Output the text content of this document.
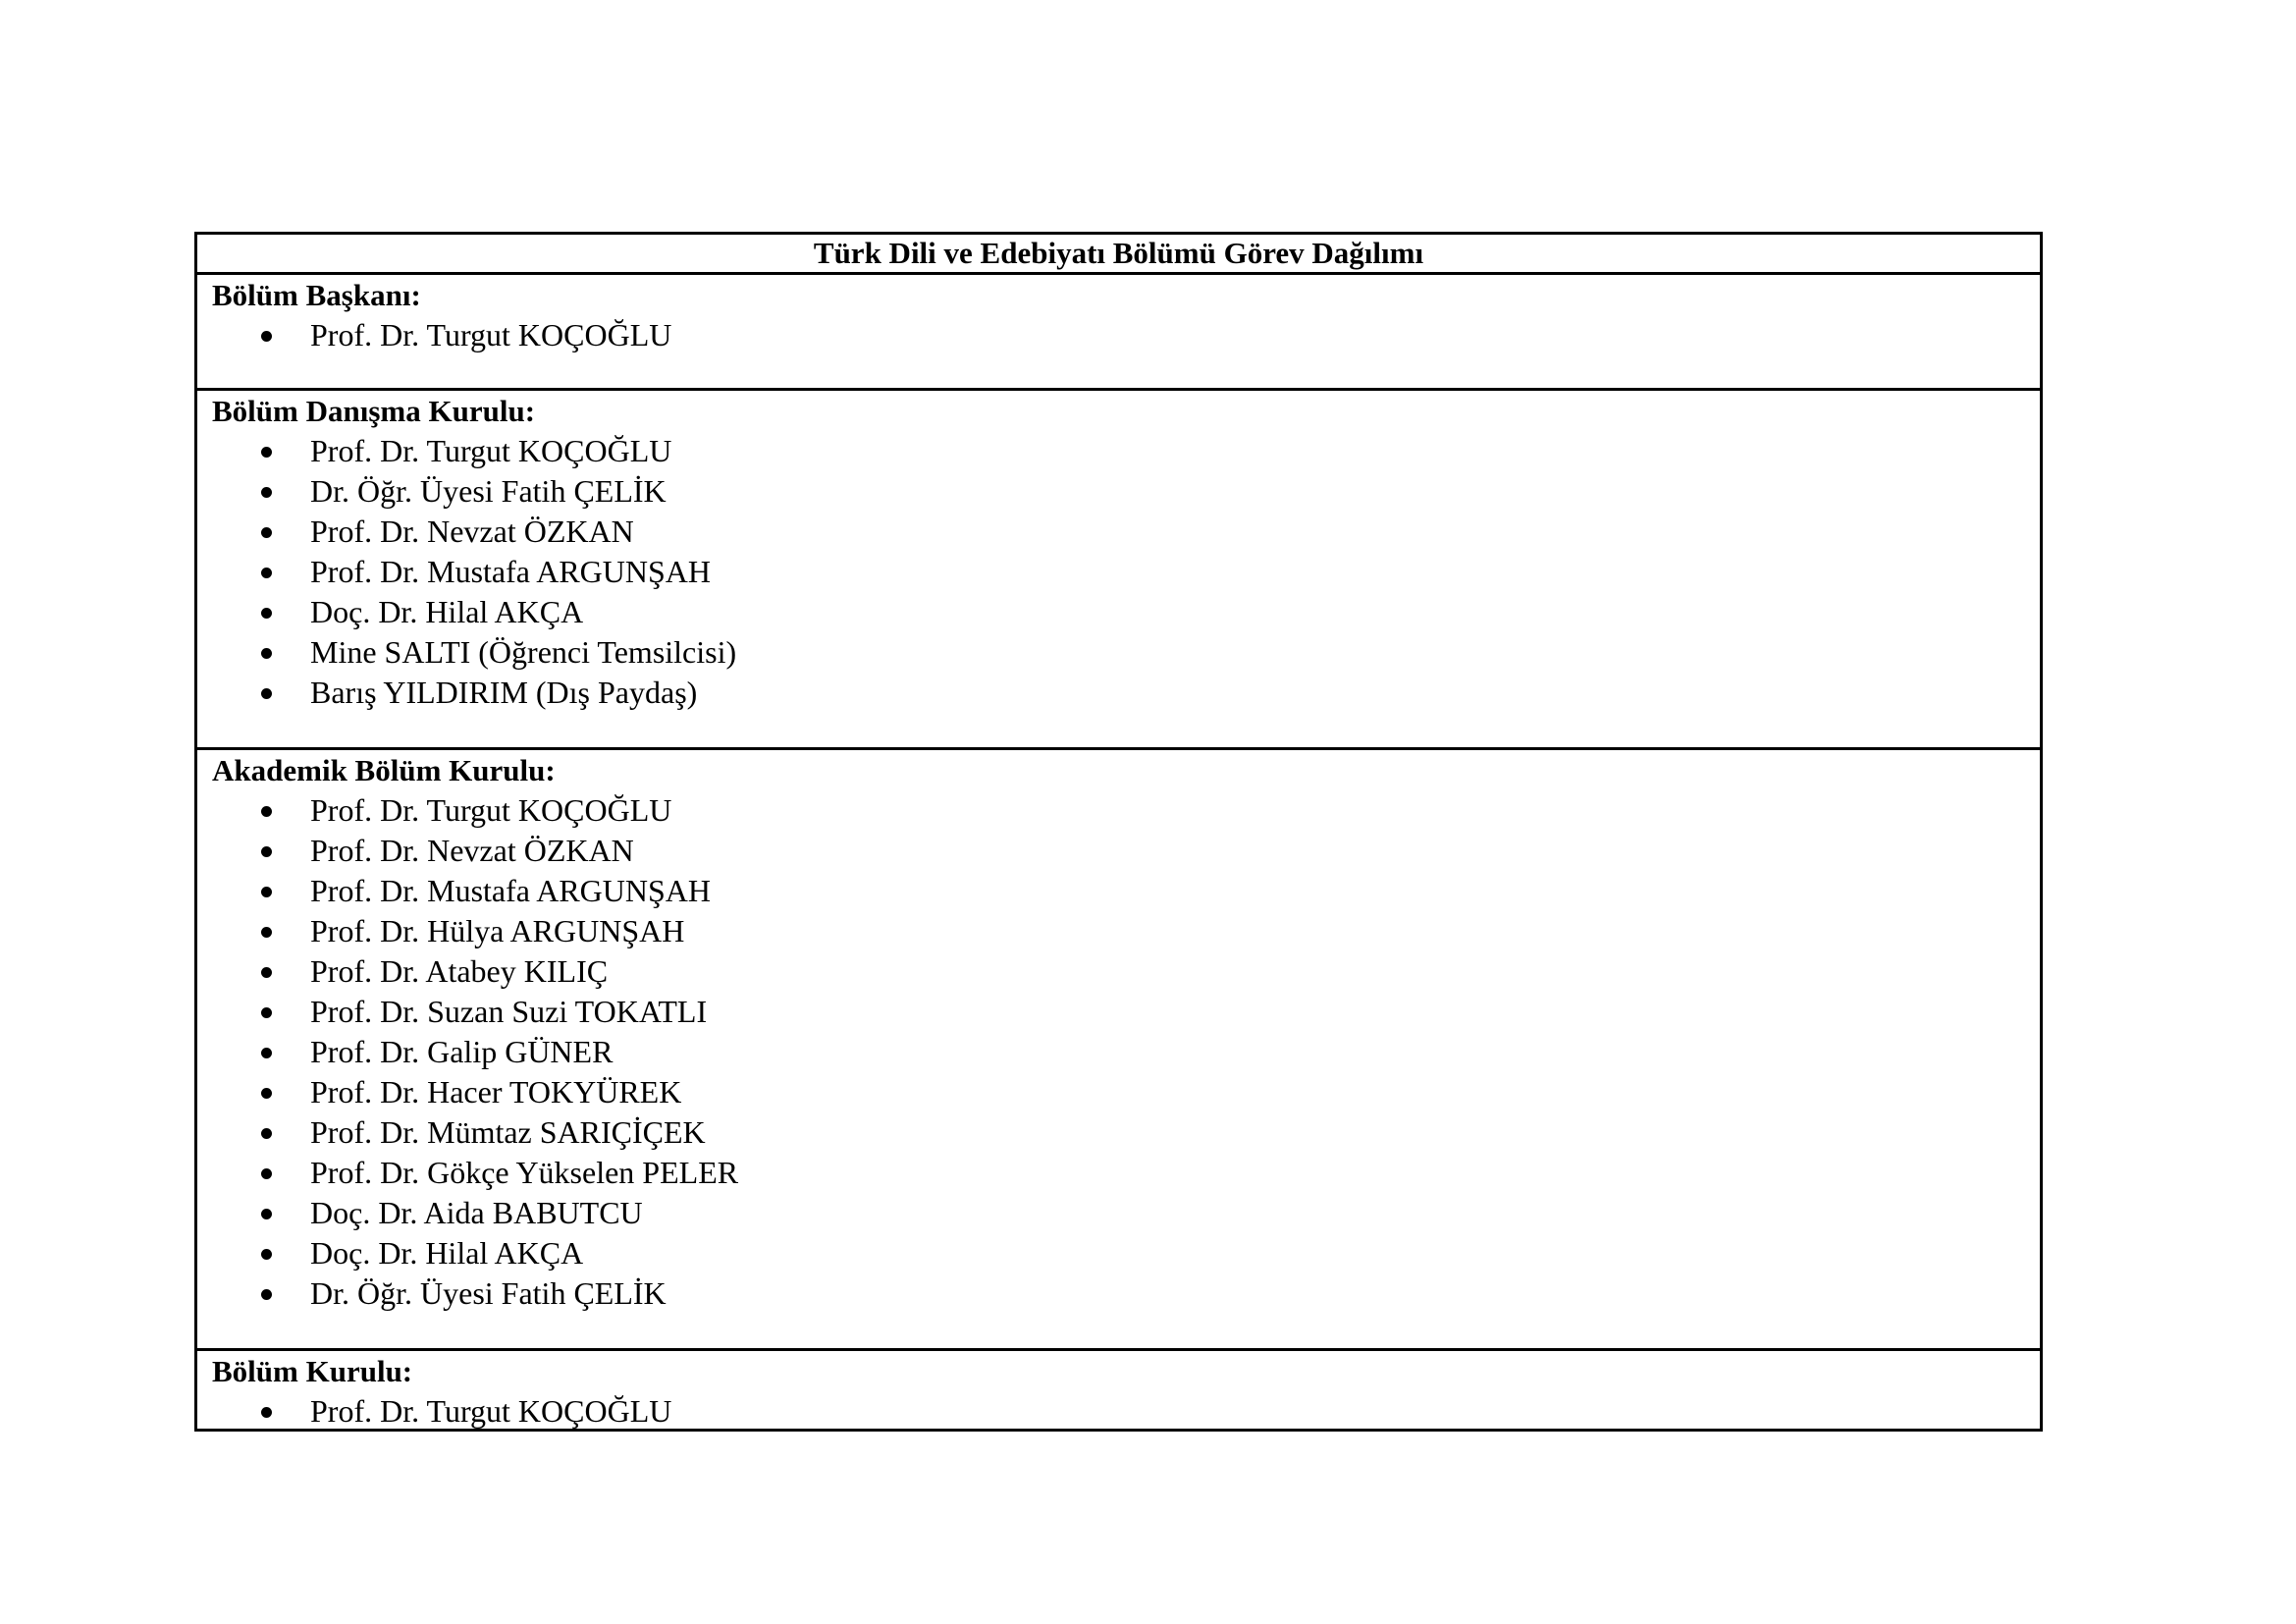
Türk Dili ve Edebiyatı Bölümü Görev Dağılımı
Bölüm Başkanı:
Prof. Dr. Turgut KOÇOĞLU
Bölüm Danışma Kurulu:
Prof. Dr. Turgut KOÇOĞLU
Dr. Öğr. Üyesi Fatih ÇELİK
Prof. Dr. Nevzat ÖZKAN
Prof. Dr. Mustafa ARGUNŞAH
Doç. Dr. Hilal AKÇA
Mine SALTI (Öğrenci Temsilcisi)
Barış YILDIRIM (Dış Paydaş)
Akademik Bölüm Kurulu:
Prof. Dr. Turgut KOÇOĞLU
Prof. Dr. Nevzat ÖZKAN
Prof. Dr. Mustafa ARGUNŞAH
Prof. Dr. Hülya ARGUNŞAH
Prof. Dr. Atabey KILIÇ
Prof. Dr. Suzan Suzi TOKATLI
Prof. Dr. Galip GÜNER
Prof. Dr. Hacer TOKYÜREK
Prof. Dr. Mümtaz SARIÇİÇEK
Prof. Dr. Gökçe Yükselen PELER
Doç. Dr. Aida BABUTCU
Doç. Dr. Hilal AKÇA
Dr. Öğr. Üyesi Fatih ÇELİK
Bölüm Kurulu:
Prof. Dr. Turgut KOÇOĞLU
